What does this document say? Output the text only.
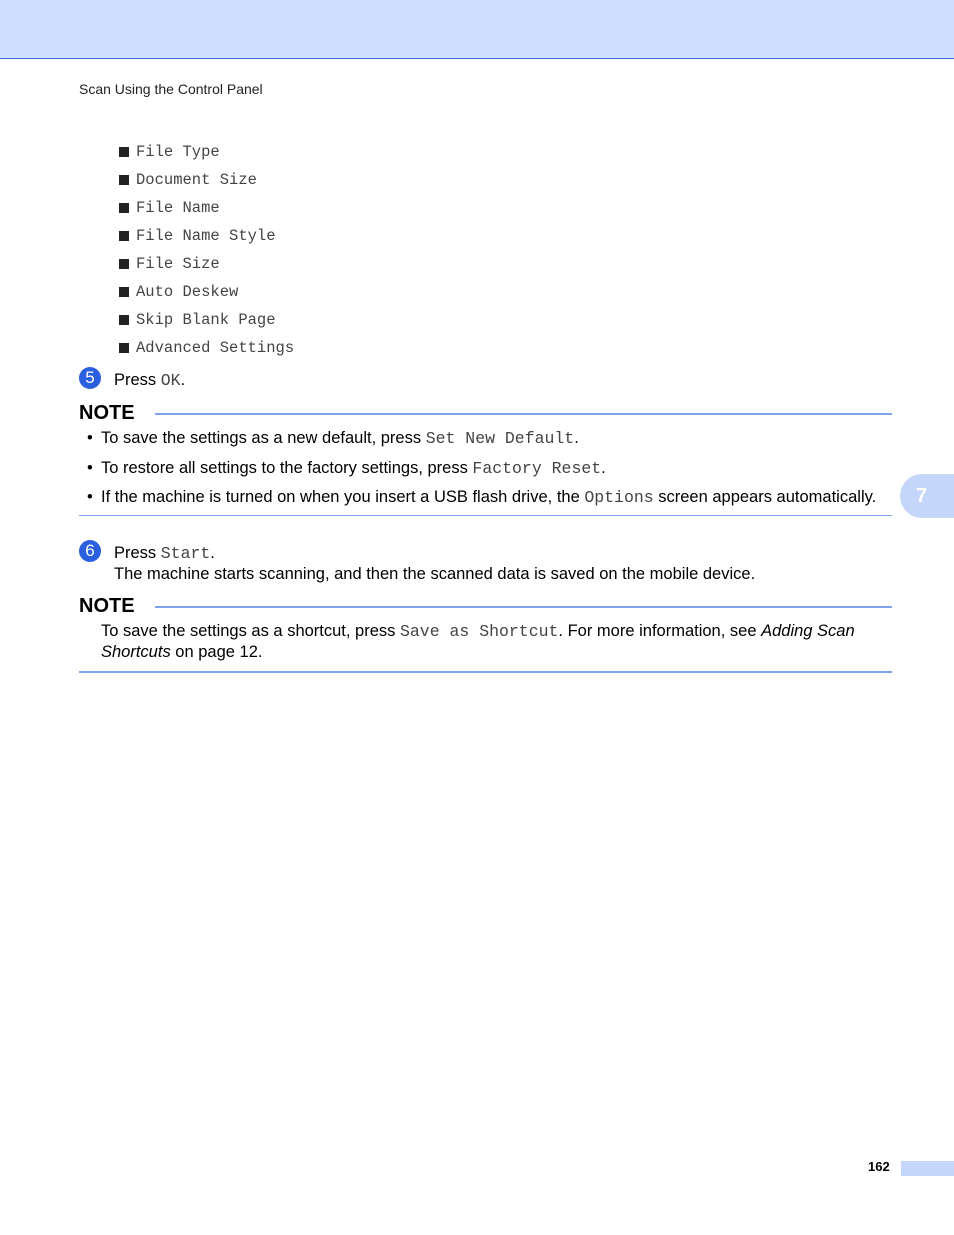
Scan Using the Control Panel
File Type
Document Size
File Name
File Name Style
File Size
Auto Deskew
Skip Blank Page
Advanced Settings
5	Press OK.
NOTE
• To save the settings as a new default, press Set New Default.
• To restore all settings to the factory settings, press Factory Reset.
• If the machine is turned on when you insert a USB flash drive, the Options screen appears automatically.
6	Press Start.
The machine starts scanning, and then the scanned data is saved on the mobile device.
NOTE
To save the settings as a shortcut, press Save as Shortcut. For more information, see Adding Scan Shortcuts on page 12.
7
162
